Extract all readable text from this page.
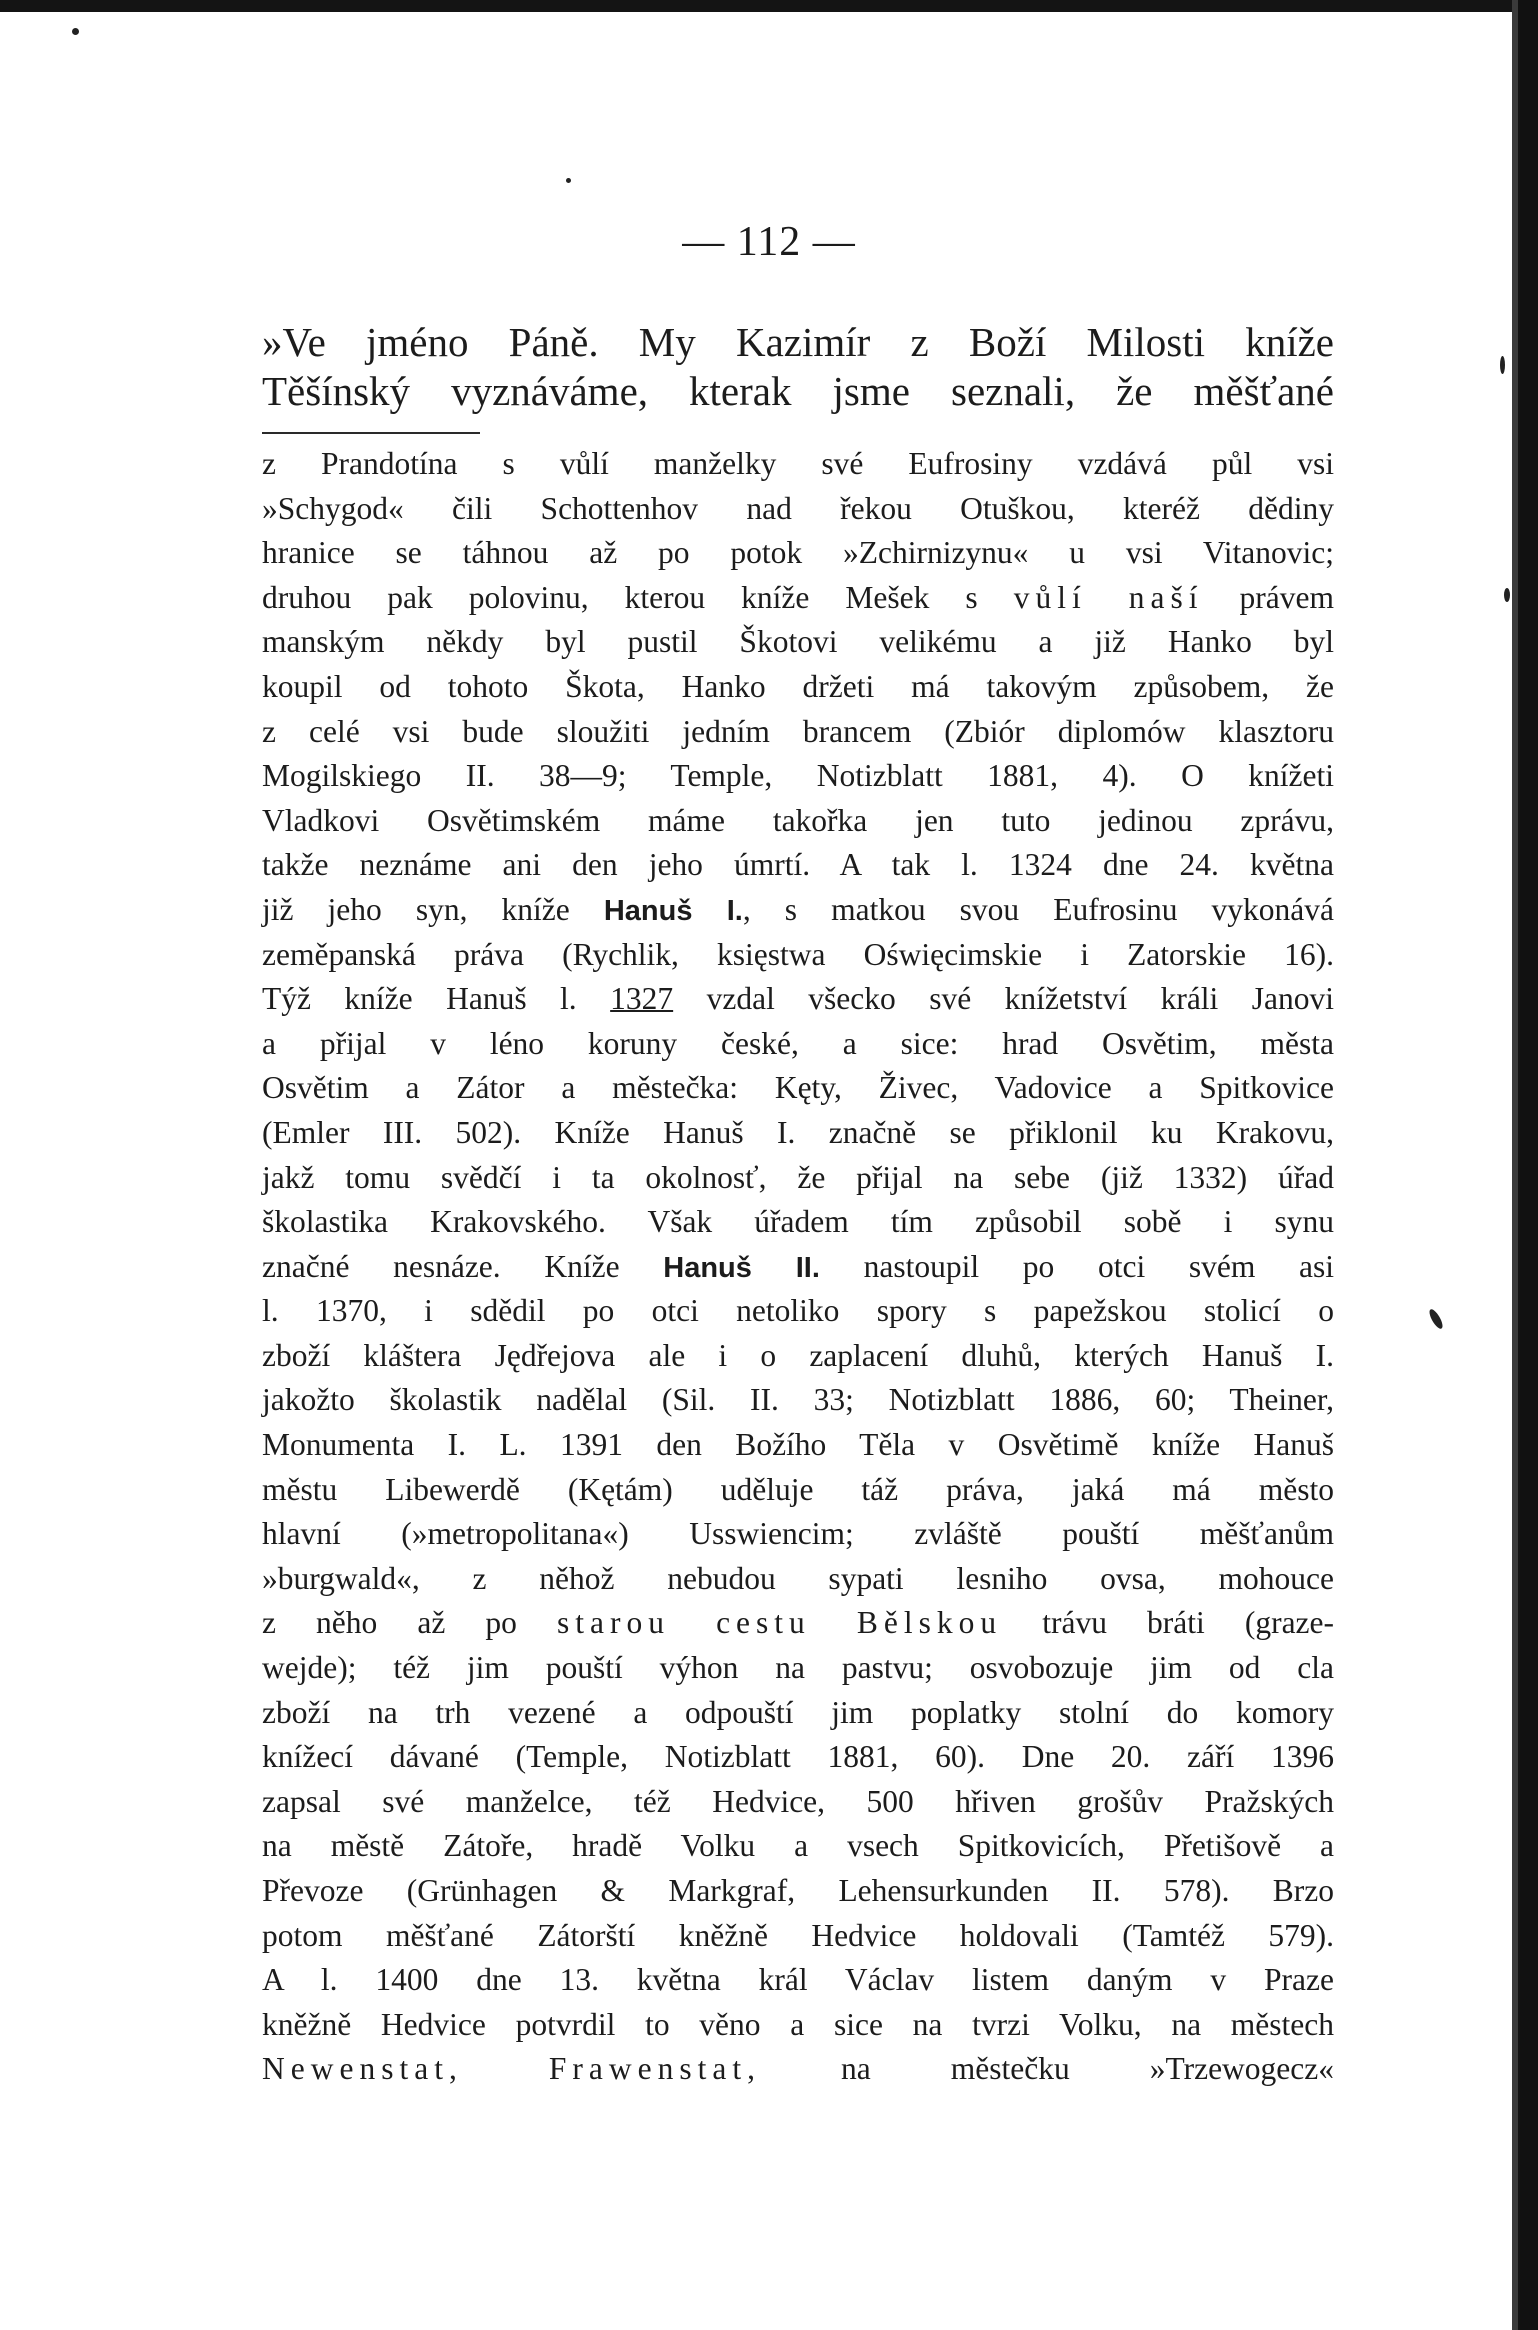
— 112 —
»Ve jméno Páně. My Kazimír z Boží Milosti kníže
Těšínský vyznáváme, kterak jsme seznali, že měšťané
z Prandotína s vůlí manželky své Eufrosiny vzdává půl vsi
»Schygod« čili Schottenhov nad řekou Otuškou, kteréž dědiny
hranice se táhnou až po potok »Zchirnizynu« u vsi Vitanovic;
druhou pak polovinu, kterou kníže Mešek s vůlí naší právem
manským někdy byl pustil Škotovi velikému a již Hanko byl
koupil od tohoto Škota, Hanko držeti má takovým způsobem, že
z celé vsi bude sloužiti jedním brancem (Zbiór diplomów klasztoru
Mogilskiego II. 38—9; Temple, Notizblatt 1881, 4). O knížeti
Vladkovi Osvětimském máme takořka jen tuto jedinou zprávu,
takže neznáme ani den jeho úmrtí. A tak l. 1324 dne 24. května
již jeho syn, kníže Hanuš I., s matkou svou Eufrosinu vykonává
zeměpanská práva (Rychlik, księstwa Oświęcimskie i Zatorskie 16).
Týž kníže Hanuš l. 1327 vzdal všecko své knížetství králi Janovi
a přijal v léno koruny české, a sice: hrad Osvětim, města
Osvětim a Zátor a městečka: Kęty, Živec, Vadovice a Spitkovice
(Emler III. 502). Kníže Hanuš I. značně se přiklonil ku Krakovu,
jakž tomu svědčí i ta okolnosť, že přijal na sebe (již 1332) úřad
školastika Krakovského. Však úřadem tím způsobil sobě i synu
značné nesnáze. Kníže Hanuš II. nastoupil po otci svém asi
l. 1370, i sdědil po otci netoliko spory s papežskou stolicí o
zboží kláštera Jędřejova ale i o zaplacení dluhů, kterých Hanuš I.
jakožto školastik nadělal (Sil. II. 33; Notizblatt 1886, 60; Theiner,
Monumenta I. L. 1391 den Božího Těla v Osvětimě kníže Hanuš
městu Libewerdě (Kętám) uděluje táž práva, jaká má město
hlavní (»metropolitana«) Usswiencim; zvláště pouští měšťanům
»burgwald«, z něhož nebudou sypati lesniho ovsa, mohouce
z něho až po starou cestu Bělskou trávu bráti (graze-
wejde); též jim pouští výhon na pastvu; osvobozuje jim od cla
zboží na trh vezené a odpouští jim poplatky stolní do komory
knížecí dávané (Temple, Notizblatt 1881, 60). Dne 20. září 1396
zapsal své manželce, též Hedvice, 500 hřiven grošův Pražských
na městě Zátoře, hradě Volku a vsech Spitkovicích, Přetišově a
Převoze (Grünhagen & Markgraf, Lehensurkunden II. 578). Brzo
potom měšťané Zátorští kněžně Hedvice holdovali (Tamtéž 579).
A l. 1400 dne 13. května král Václav listem daným v Praze
kněžně Hedvice potvrdil to věno a sice na tvrzi Volku, na městech
Newenstat, Frawenstat,	na městečku »Trzewogecz«
